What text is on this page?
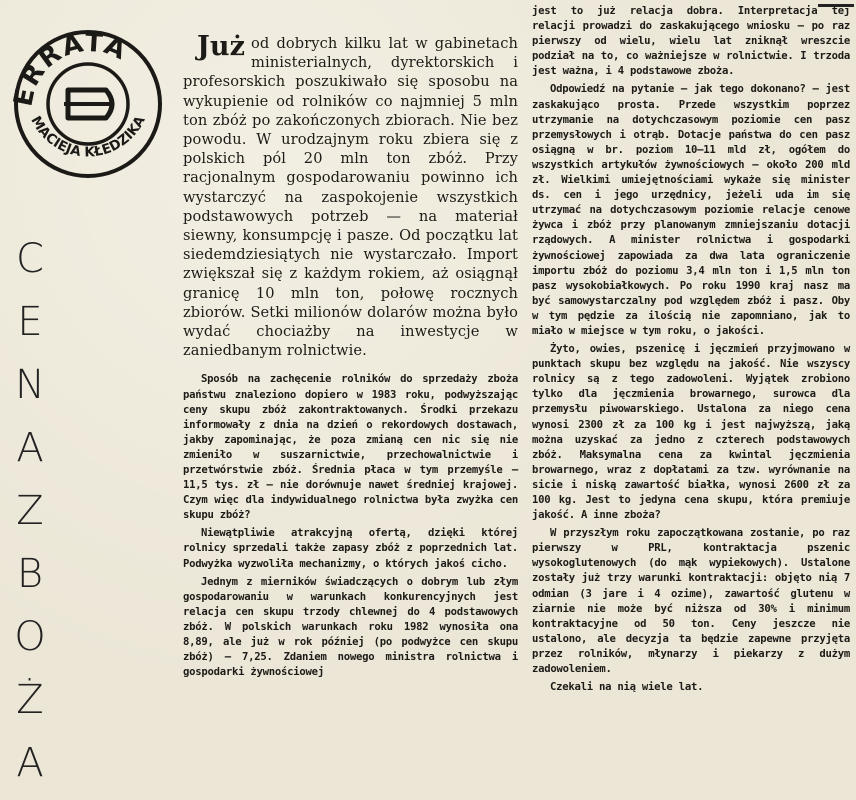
ERRATA
MACIEJA KŁEDZIKA
C
E
N
A
Z
B
O
Ż
A

Już od dobrych kilku lat w gabinetach ministerialnych, dyrektorskich i profesorskich poszukiwało się sposobu na wykupienie od rolników co najmniej 5 mln ton zbóż po zakończonych zbiorach. Nie bez powodu. W urodzajnym roku zbiera się z polskich pól 20 mln ton zbóż. Przy racjonalnym gospodarowaniu powinno ich wystarczyć na zaspokojenie wszystkich podstawowych potrzeb — na materiał siewny, konsumpcję i pasze. Od początku lat siedemdziesiątych nie wystarczało. Import zwiększał się z każdym rokiem, aż osiągnął granicę 10 mln ton, połowę rocznych zbiorów. Setki milionów dolarów można było wydać chociażby na inwestycje w zaniedbanym rolnictwie.

Sposób na zachęcenie rolników do sprzedaży zboża państwu znaleziono dopiero w 1983 roku, podwyższając ceny skupu zbóż zakontraktowanych. Środki przekazu informowały z dnia na dzień o rekordowych dostawach, jakby zapominając, że poza zmianą cen nic się nie zmieniło w suszarnictwie, przechowalnictwie i przetwórstwie zbóż. Średnia płaca w tym przemyśle — 11,5 tys. zł — nie dorównuje nawet średniej krajowej. Czym więc dla indywidualnego rolnictwa była zwyżka cen skupu zbóż?

Niewątpliwie atrakcyjną ofertą, dzięki której rolnicy sprzedali także zapasy zbóż z poprzednich lat. Podwyżka wyzwoliła mechanizmy, o których jakoś cicho.

Jednym z mierników świadczących o dobrym lub złym gospodarowaniu w warunkach konkurencyjnych jest relacja cen skupu trzody chlewnej do 4 podstawowych zbóż. W polskich warunkach roku 1982 wynosiła ona 8,89, ale już w rok później (po podwyżce cen skupu zbóż) — 7,25. Zdaniem nowego ministra rolnictwa i gospodarki żywnościowej

jest to już relacja dobra. Interpretacja tej relacji prowadzi do zaskakującego wniosku — po raz pierwszy od wielu, wielu lat zniknął wreszcie podział na to, co ważniejsze w rolnictwie. I trzoda jest ważna, i 4 podstawowe zboża.

Odpowiedź na pytanie — jak tego dokonano? — jest zaskakująco prosta. Przede wszystkim poprzez utrzymanie na dotychczasowym poziomie cen pasz przemysłowych i otrąb. Dotacje państwa do cen pasz osiągną w br. poziom 10—11 mld zł, ogółem do wszystkich artykułów żywnościowych — około 200 mld zł. Wielkimi umiejętnościami wykaże się minister ds. cen i jego urzędnicy, jeżeli uda im się utrzymać na dotychczasowym poziomie relacje cenowe żywca i zbóż przy planowanym zmniejszaniu dotacji rządowych. A minister rolnictwa i gospodarki żywnościowej zapowiada za dwa lata ograniczenie importu zbóż do poziomu 3,4 mln ton i 1,5 mln ton pasz wysokobiałkowych. Po roku 1990 kraj nasz ma być samowystarczalny pod względem zbóż i pasz. Oby w tym pędzie za ilością nie zapomniano, jak to miało w miejsce w tym roku, o jakości.

Żyto, owies, pszenicę i jęczmień przyjmowano w punktach skupu bez względu na jakość. Nie wszyscy rolnicy są z tego zadowoleni. Wyjątek zrobiono tylko dla jęczmienia browarnego, surowca dla przemysłu piwowarskiego. Ustalona za niego cena wynosi 2300 zł za 100 kg i jest najwyższą, jaką można uzyskać za jedno z czterech podstawowych zbóż. Maksymalna cena za kwintal jęczmienia browarnego, wraz z dopłatami za tzw. wyrównanie na sicie i niską zawartość białka, wynosi 2600 zł za 100 kg. Jest to jedyna cena skupu, która premiuje jakość. A inne zboża?

W przyszłym roku zapoczątkowana zostanie, po raz pierwszy w PRL, kontraktacja pszenic wysokoglutenowych (do mąk wypiekowych). Ustalone zostały już trzy warunki kontraktacji: objęto nią 7 odmian (3 jare i 4 ozime), zawartość glutenu w ziarnie nie może być niższa od 30% i minimum kontraktacyjne od 50 ton. Ceny jeszcze nie ustalono, ale decyzja ta będzie zapewne przyjęta przez rolników, młynarzy i piekarzy z dużym zadowoleniem.

Czekali na nią wiele lat.
